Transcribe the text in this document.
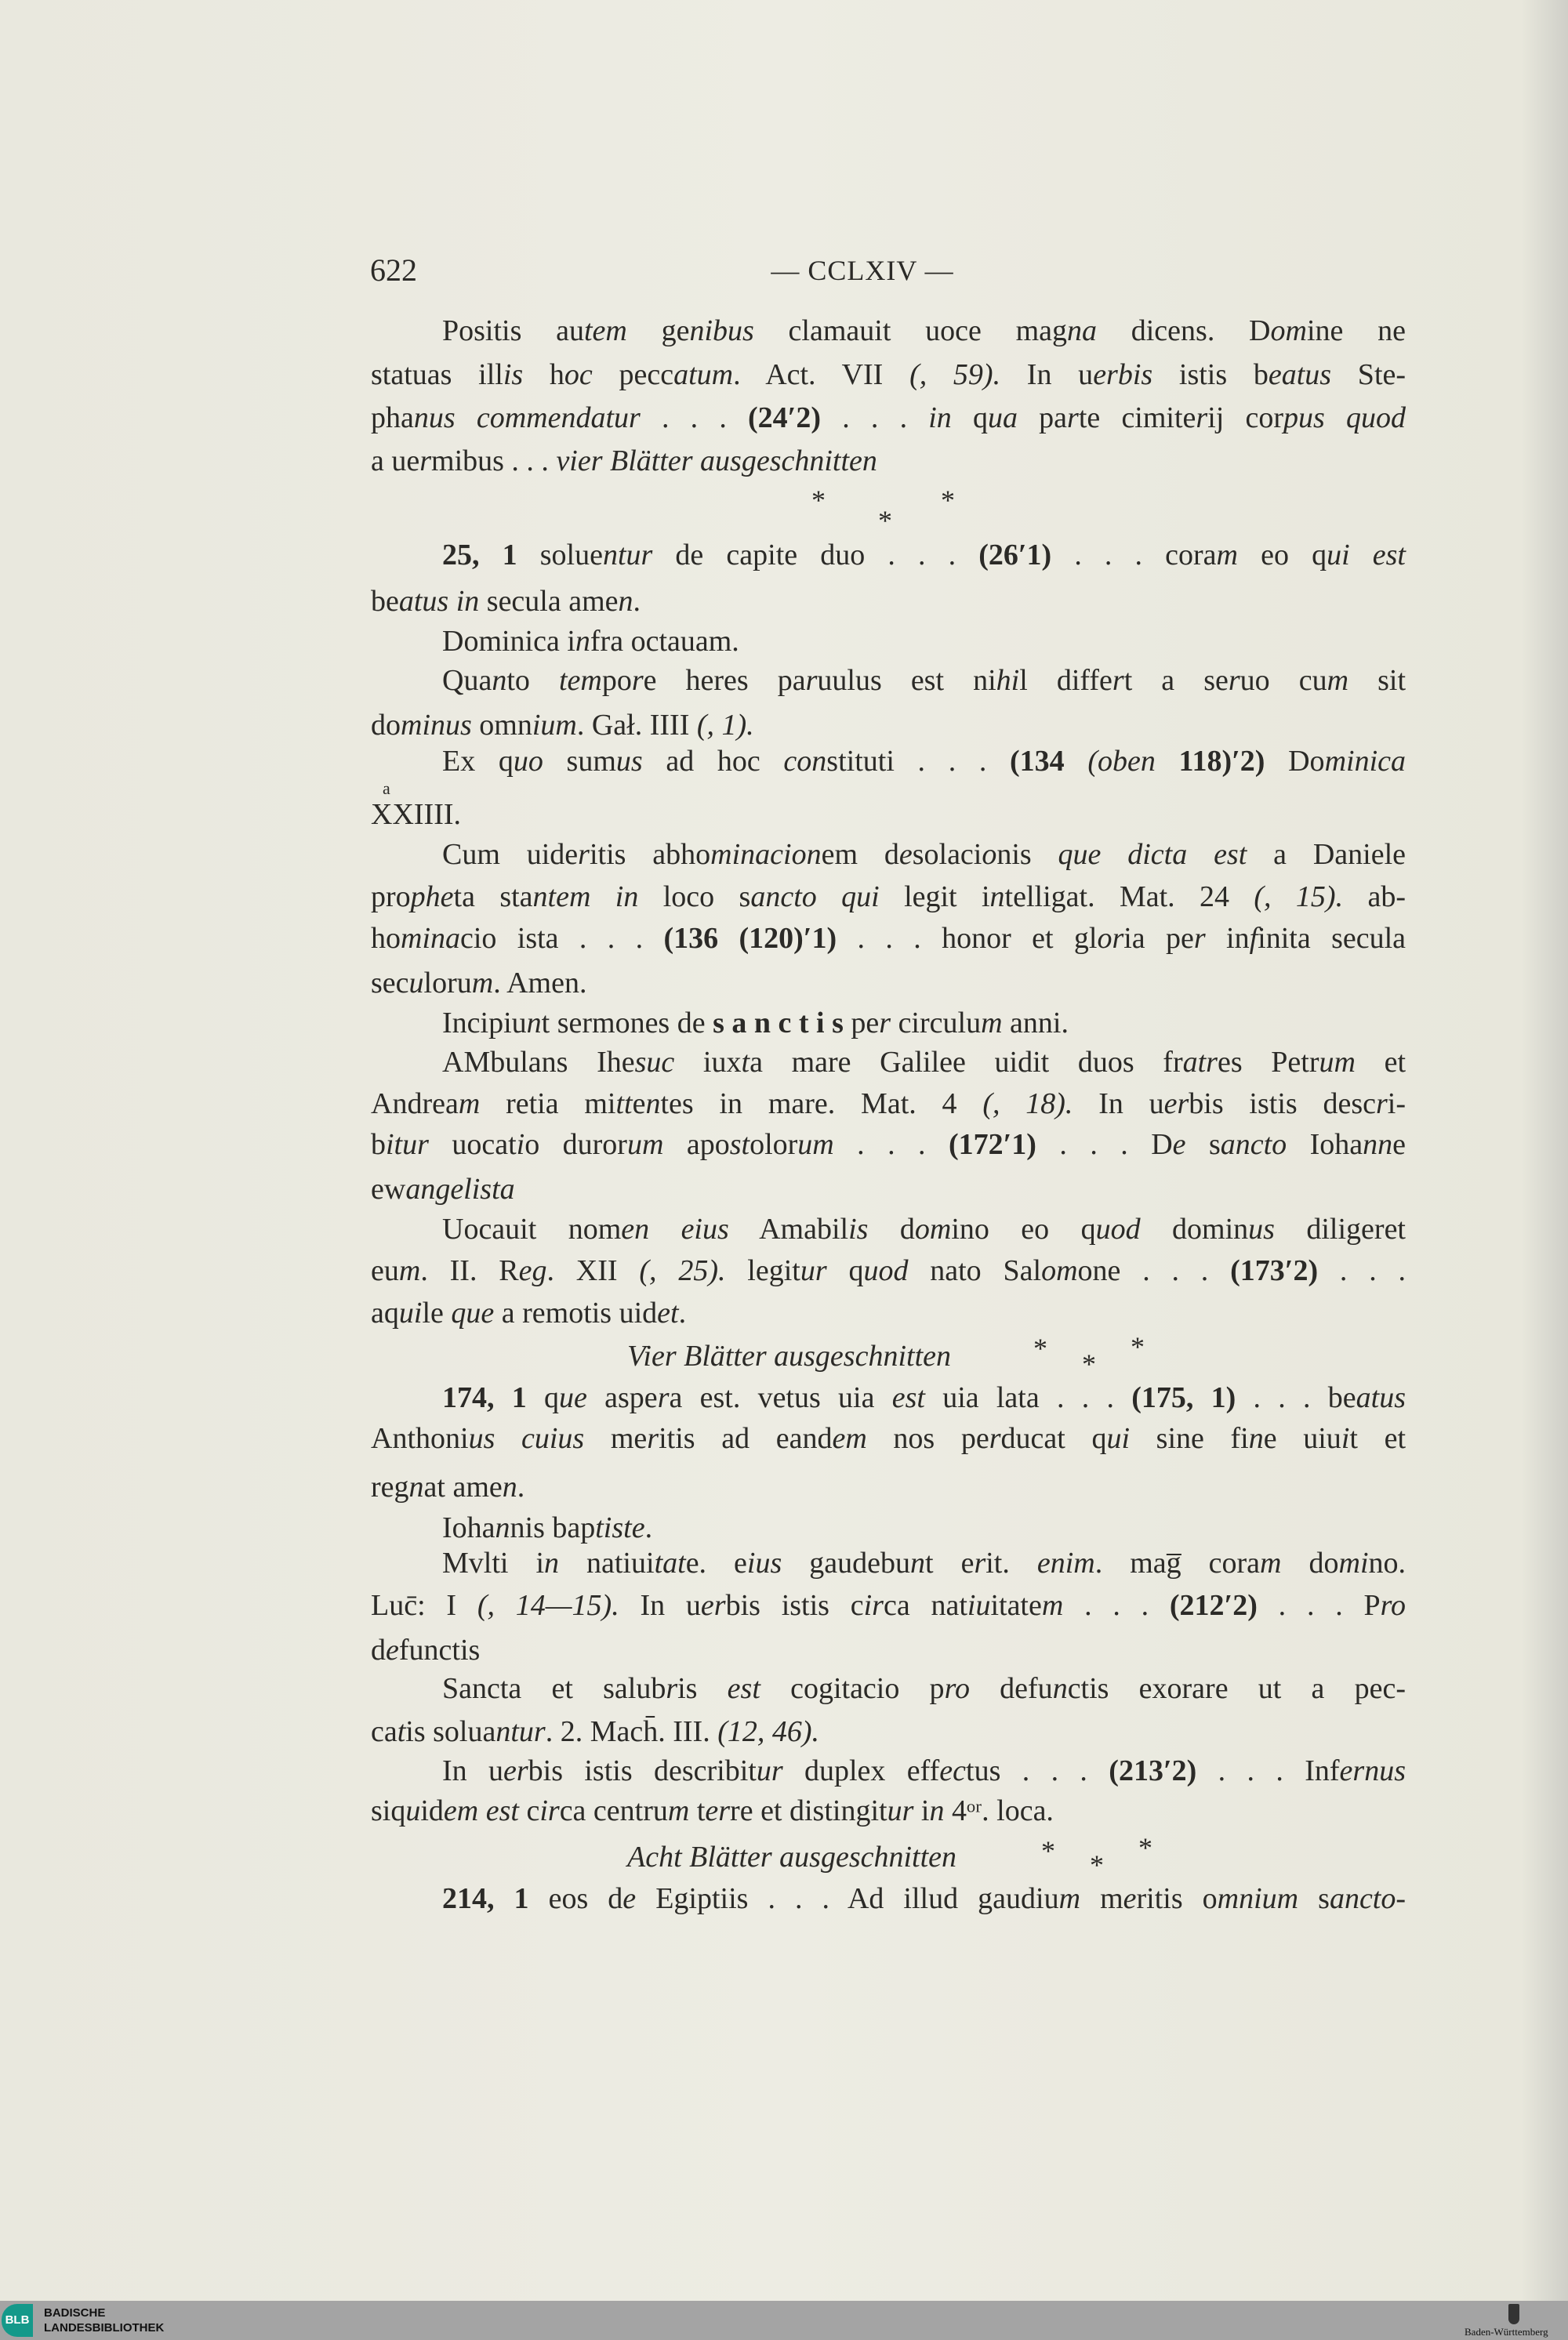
622	— CCLXIV —
Positis autem genibus clamauit uoce magna dicens. Domine ne
statuas illis hoc peccatum. Act. VII (, 59). In uerbis istis beatus Ste-
phanus commendatur . . . (24′2) . . . in qua parte cimiterij corpus quod
a uermibus . . . vier Blätter ausgeschnitten
25, 1 soluentur de capite duo . . . (26′1) . . . coram eo qui est
beatus in secula amen.
Dominica infra octauam.
Quanto tempore heres paruulus est nihil differt a seruo cum sit
dominus omnium. Gał. IIII (, 1).
Ex quo sumus ad hoc constituti . . . (134 (oben 118)′2) Dominica
XXIIII.
Cum uideritis abhominacionem desolacionis que dicta est a Daniele
propheta stantem in loco sancto qui legit intelligat. Mat. 24 (, 15). ab-
hominacio ista . . . (136 (120)′1) . . . honor et gloria per infinita secula
seculorum. Amen.
Incipiunt sermones de s a n c t i s per circulum anni.
AMbulans Ihesuc iuxta mare Galilee uidit duos fratres Petrum et
Andream retia mittentes in mare. Mat. 4 (, 18). In uerbis istis descri-
bitur uocatio durorum apostolorum . . . (172′1) . . . De sancto Iohanne
ewangelista
Uocauit nomen eius Amabilis domino eo quod dominus diligeret
eum. II. Reg. XII (, 25). legitur quod nato Salomone . . . (173′2) . . .
aquile que a remotis uidet.
Vier Blätter ausgeschnitten
174, 1 que aspera est. vetus uia est uia lata . . . (175, 1) . . . beatus
Anthonius cuius meritis ad eandem nos perducat qui sine fine uiuit et
regnat amen.
Iohannis baptiste.
Mvlti in natiuitate. eius gaudebunt erit. enim. mag̅ coram domino.
Luc̄: I (, 14—15). In uerbis istis circa natiuitatem . . . (212′2) . . . Pro
defunctis
Sancta et salubris est cogitacio pro defunctis exorare ut a pec-
catis soluantur. 2. Mach̄. III. (12, 46).
In uerbis istis describitur duplex effectus . . . (213′2) . . . Infernus
siquidem est circa centrum terre et distingitur in 4ᵒʳ. loca.
Acht Blätter ausgeschnitten
214, 1 eos de Egiptiis . . . Ad illud gaudium meritis omnium sancto-
*	*
*
a
* *
*
* *
*
BLB
BADISCHE
LANDESBIBLIOTHEK	Baden-Württemberg
